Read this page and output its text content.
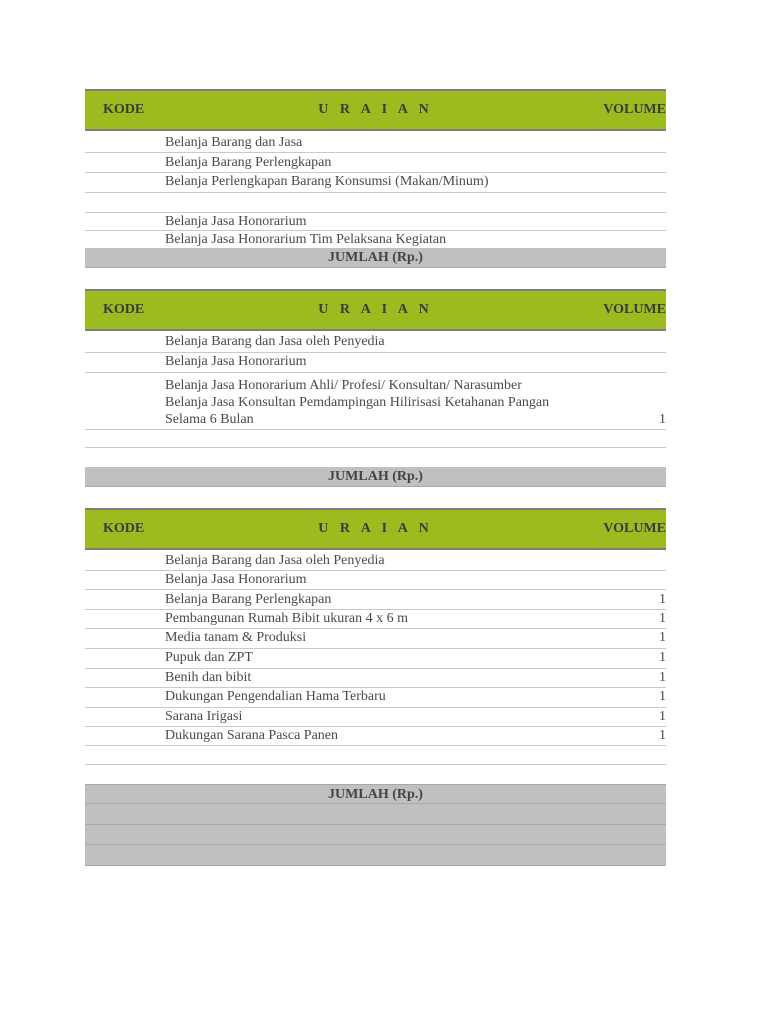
KODE	U R A I A N	VOLUME
Belanja Barang dan Jasa
Belanja Barang Perlengkapan
Belanja Perlengkapan Barang Konsumsi (Makan/Minum)
Belanja Jasa Honorarium
Belanja Jasa Honorarium Tim Pelaksana Kegiatan
JUMLAH (Rp.)
KODE	U R A I A N	VOLUME
Belanja Barang dan Jasa oleh Penyedia
Belanja Jasa Honorarium
Belanja Jasa Honorarium Ahli/ Profesi/ Konsultan/ Narasumber
Belanja Jasa Konsultan Pemdampingan Hilirisasi Ketahanan Pangan
Selama 6 Bulan	1
JUMLAH (Rp.)
KODE	U R A I A N	VOLUME
Belanja Barang dan Jasa oleh Penyedia
Belanja Jasa Honorarium
Belanja Barang Perlengkapan	1
Pembangunan Rumah Bibit ukuran 4 x 6 m	1
Media tanam & Produksi	1
Pupuk dan ZPT	1
Benih dan bibit	1
Dukungan Pengendalian Hama Terbaru	1
Sarana Irigasi	1
Dukungan Sarana Pasca Panen	1
JUMLAH (Rp.)
